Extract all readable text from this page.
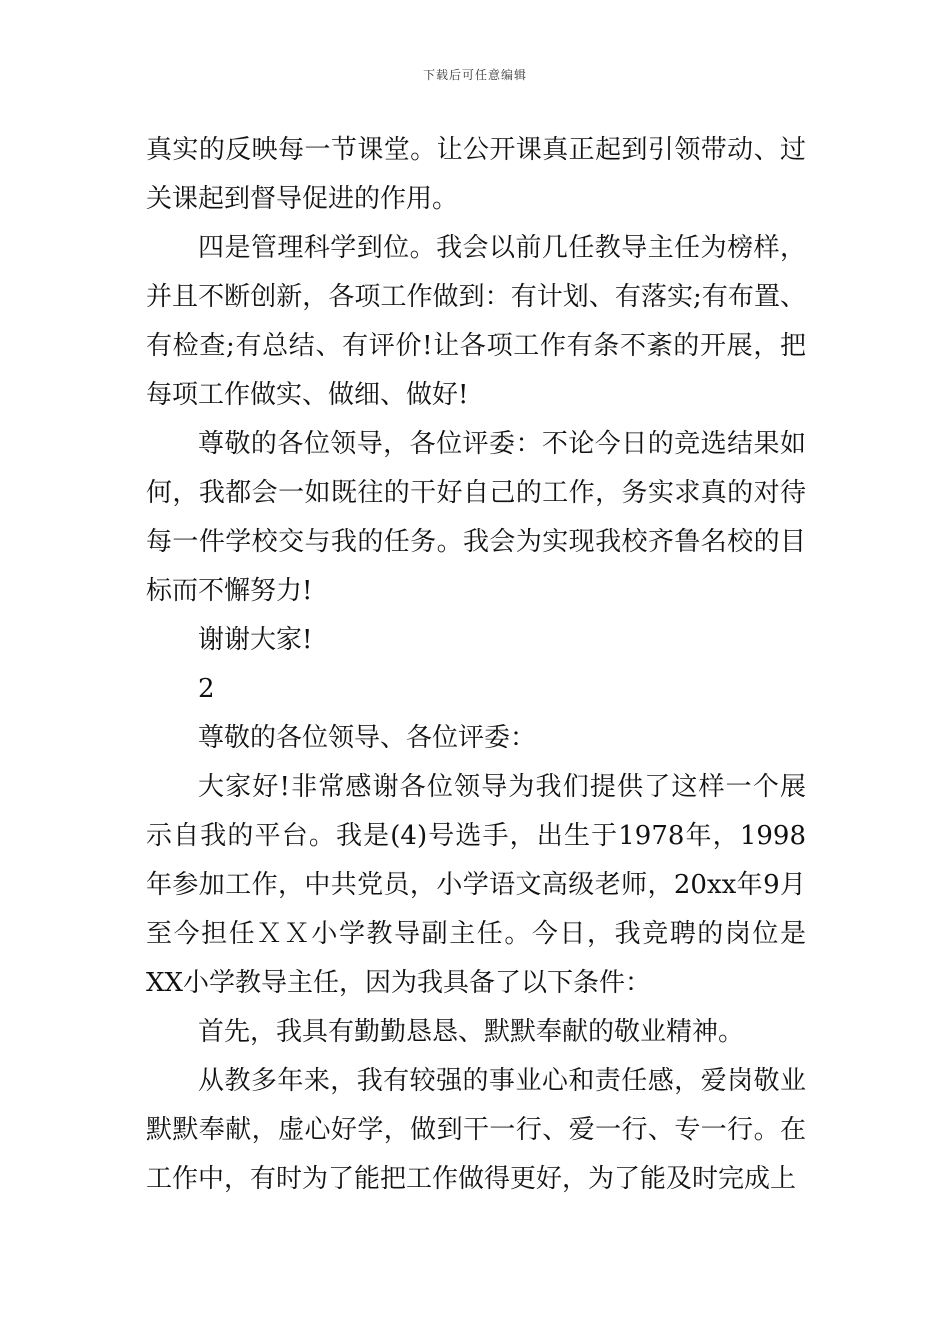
下载后可任意编辑

真实的反映每一节课堂。让公开课真正起到引领带动、过关课起到督导促进的作用。

四是管理科学到位。我会以前几任教导主任为榜样，并且不断创新，各项工作做到：有计划、有落实;有布置、有检查;有总结、有评价!让各项工作有条不紊的开展，把每项工作做实、做细、做好!

尊敬的各位领导，各位评委：不论今日的竞选结果如何，我都会一如既往的干好自己的工作，务实求真的对待每一件学校交与我的任务。我会为实现我校齐鲁名校的目标而不懈努力!

谢谢大家!

2

尊敬的各位领导、各位评委：

大家好!非常感谢各位领导为我们提供了这样一个展示自我的平台。我是(4)号选手，出生于1978年，1998年参加工作，中共党员，小学语文高级老师，20xx年9月至今担任ＸＸ小学教导副主任。今日，我竞聘的岗位是XX小学教导主任，因为我具备了以下条件：

首先，我具有勤勤恳恳、默默奉献的敬业精神。

从教多年来，我有较强的事业心和责任感，爱岗敬业默默奉献，虚心好学，做到干一行、爱一行、专一行。在工作中，有时为了能把工作做得更好，为了能及时完成上
